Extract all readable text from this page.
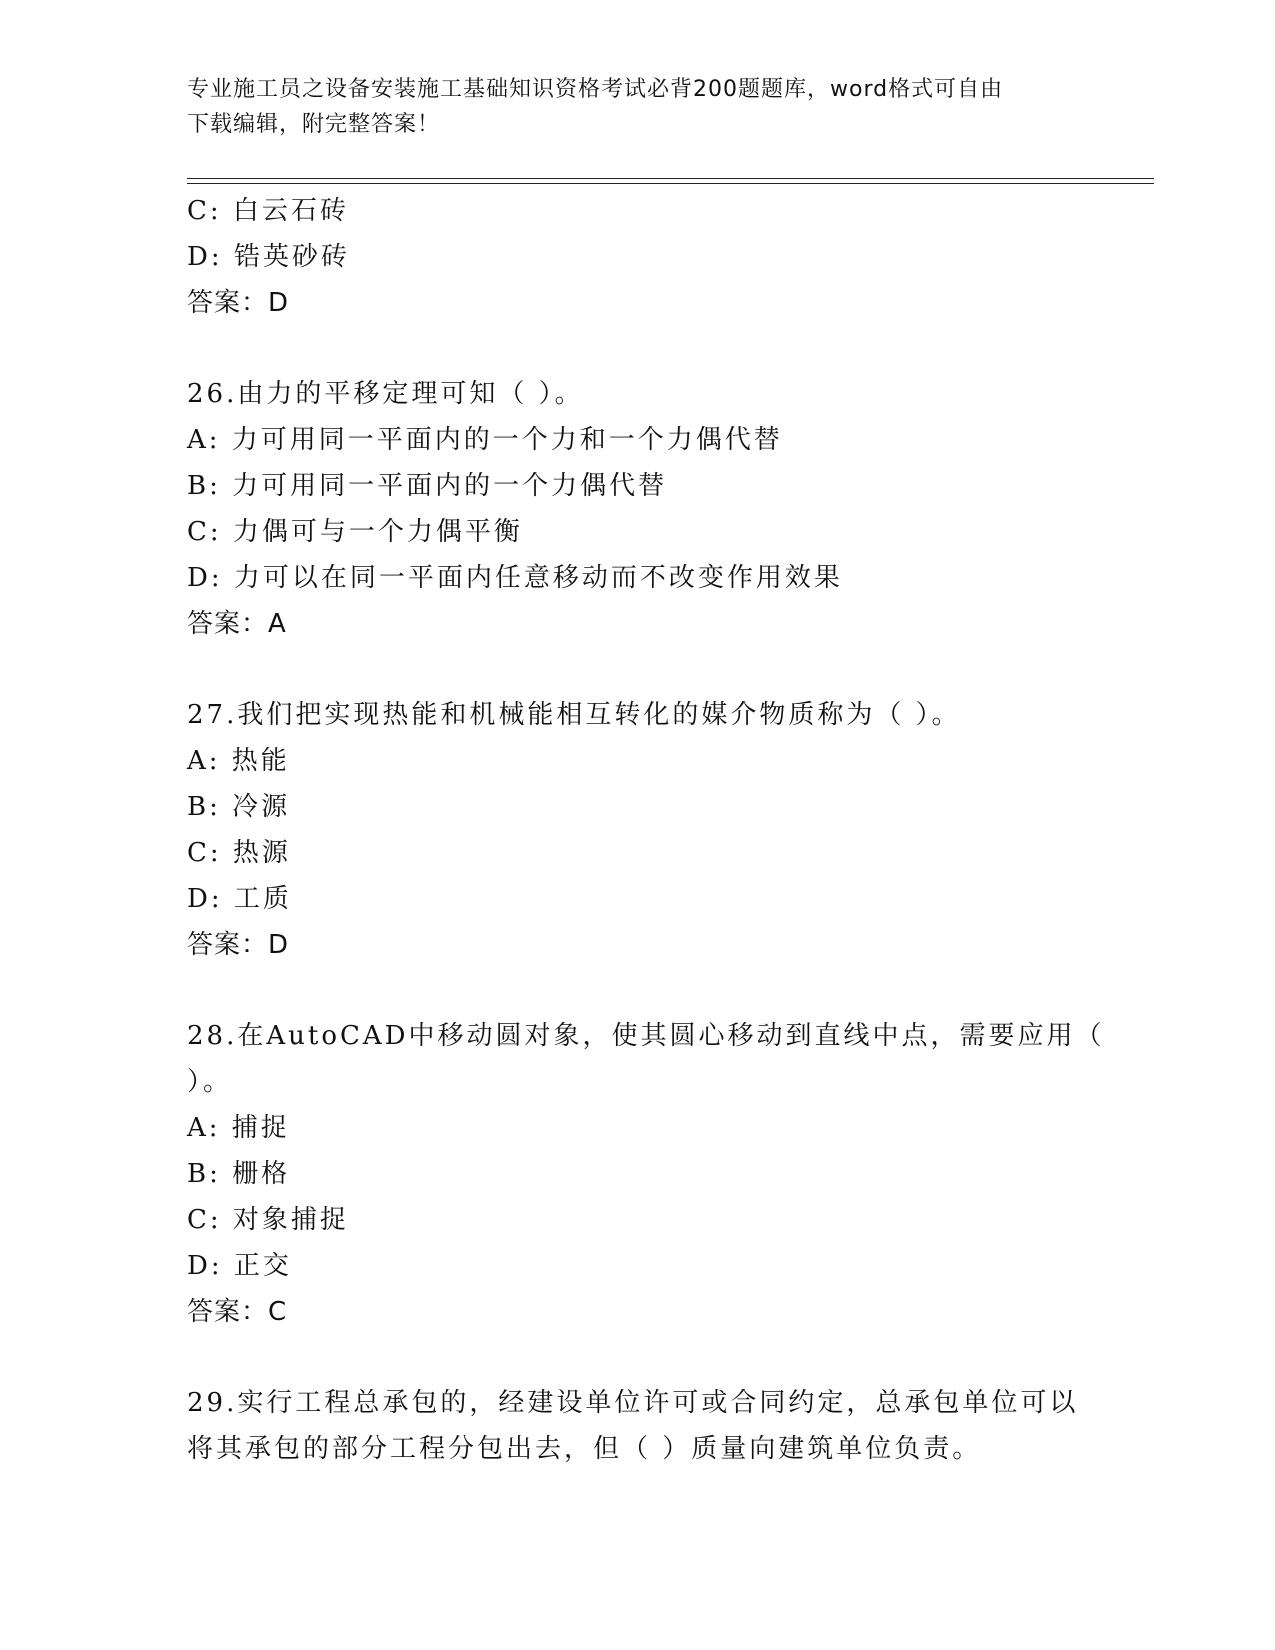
专业施工员之设备安装施工基础知识资格考试必背200题题库，word格式可自由
下载编辑，附完整答案！
C: 白云石砖
D: 锆英砂砖
答案：D
26.由力的平移定理可知（ ）。
A: 力可用同一平面内的一个力和一个力偶代替
B: 力可用同一平面内的一个力偶代替
C: 力偶可与一个力偶平衡
D: 力可以在同一平面内任意移动而不改变作用效果
答案：A
27.我们把实现热能和机械能相互转化的媒介物质称为（ ）。
A: 热能
B: 冷源
C: 热源
D: 工质
答案：D
28.在AutoCAD中移动圆对象，使其圆心移动到直线中点，需要应用（
）。
A: 捕捉
B: 栅格
C: 对象捕捉
D: 正交
答案：C
29.实行工程总承包的，经建设单位许可或合同约定，总承包单位可以
将其承包的部分工程分包出去，但（ ）质量向建筑单位负责。
